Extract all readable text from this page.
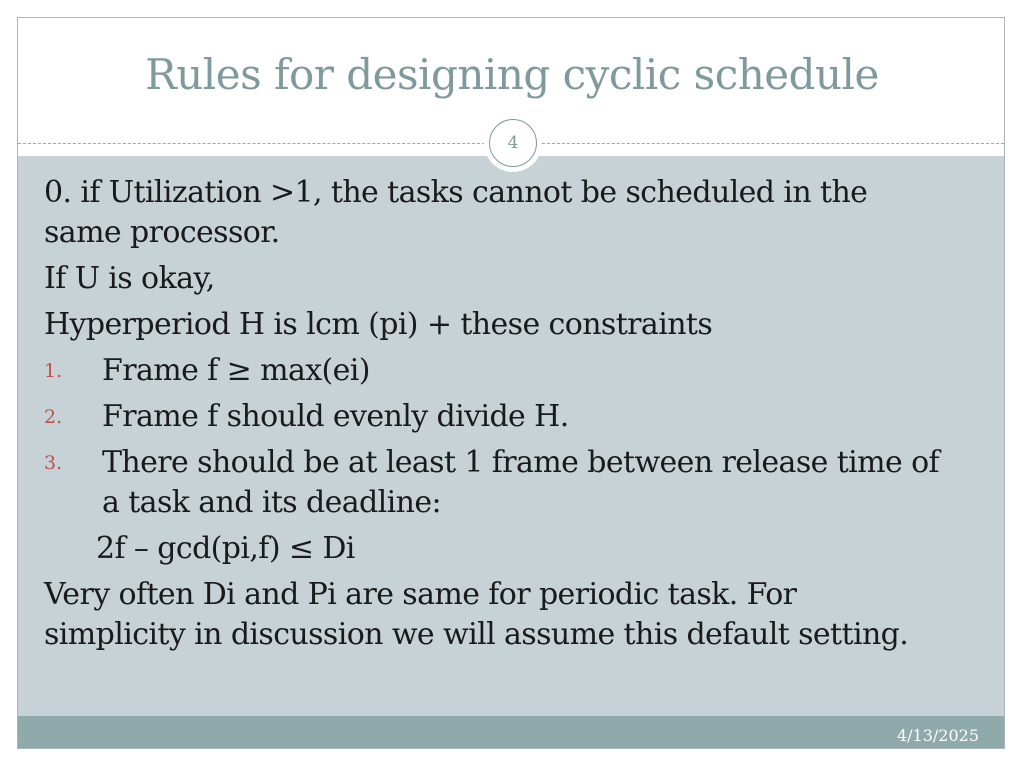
Rules for designing cyclic schedule
4
0. if Utilization >1, the tasks cannot be scheduled in the
same processor.
If U is okay,
Hyperperiod H is lcm (pi) + these constraints
1. Frame f ≥ max(ei)
2. Frame f should evenly divide H.
3. There should be at least 1 frame between release time of
a task and its deadline:
2f – gcd(pi,f) ≤ Di
Very often Di and Pi are same for periodic task. For
simplicity in discussion we will assume this default setting.
4/13/2025
